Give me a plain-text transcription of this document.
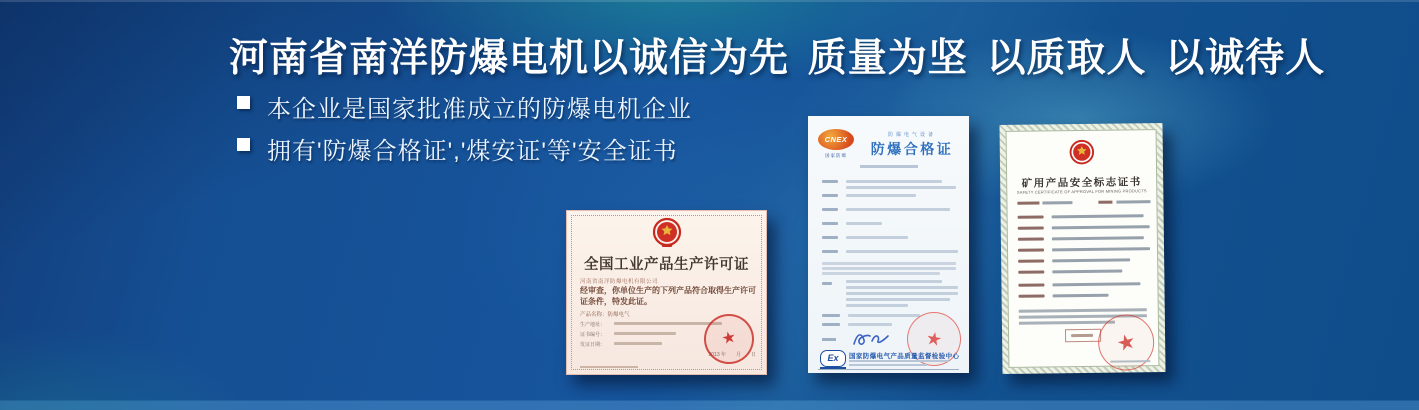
河南省南洋防爆电机以诚信为先 质量为坚 以质取人 以诚待人
本企业是国家批准成立的防爆电机企业
拥有'防爆合格证','煤安证'等'安全证书
全国工业产品生产许可证
河南省南洋防爆电机有限公司
经审查，你单位生产的下列产品符合取得生产许可证条件，特发此证。
产品名称：防爆电气
生产地址：
证书编号：
发证日期：
2013 年　　月　　日
★
CNEX
国家防爆
防爆电气设备
防爆合格证
★
Ex	国家防爆电气产品质量监督检验中心
矿用产品安全标志证书
SAFETY CERTIFICATE OF APPROVAL FOR MINING PRODUCTS
★
